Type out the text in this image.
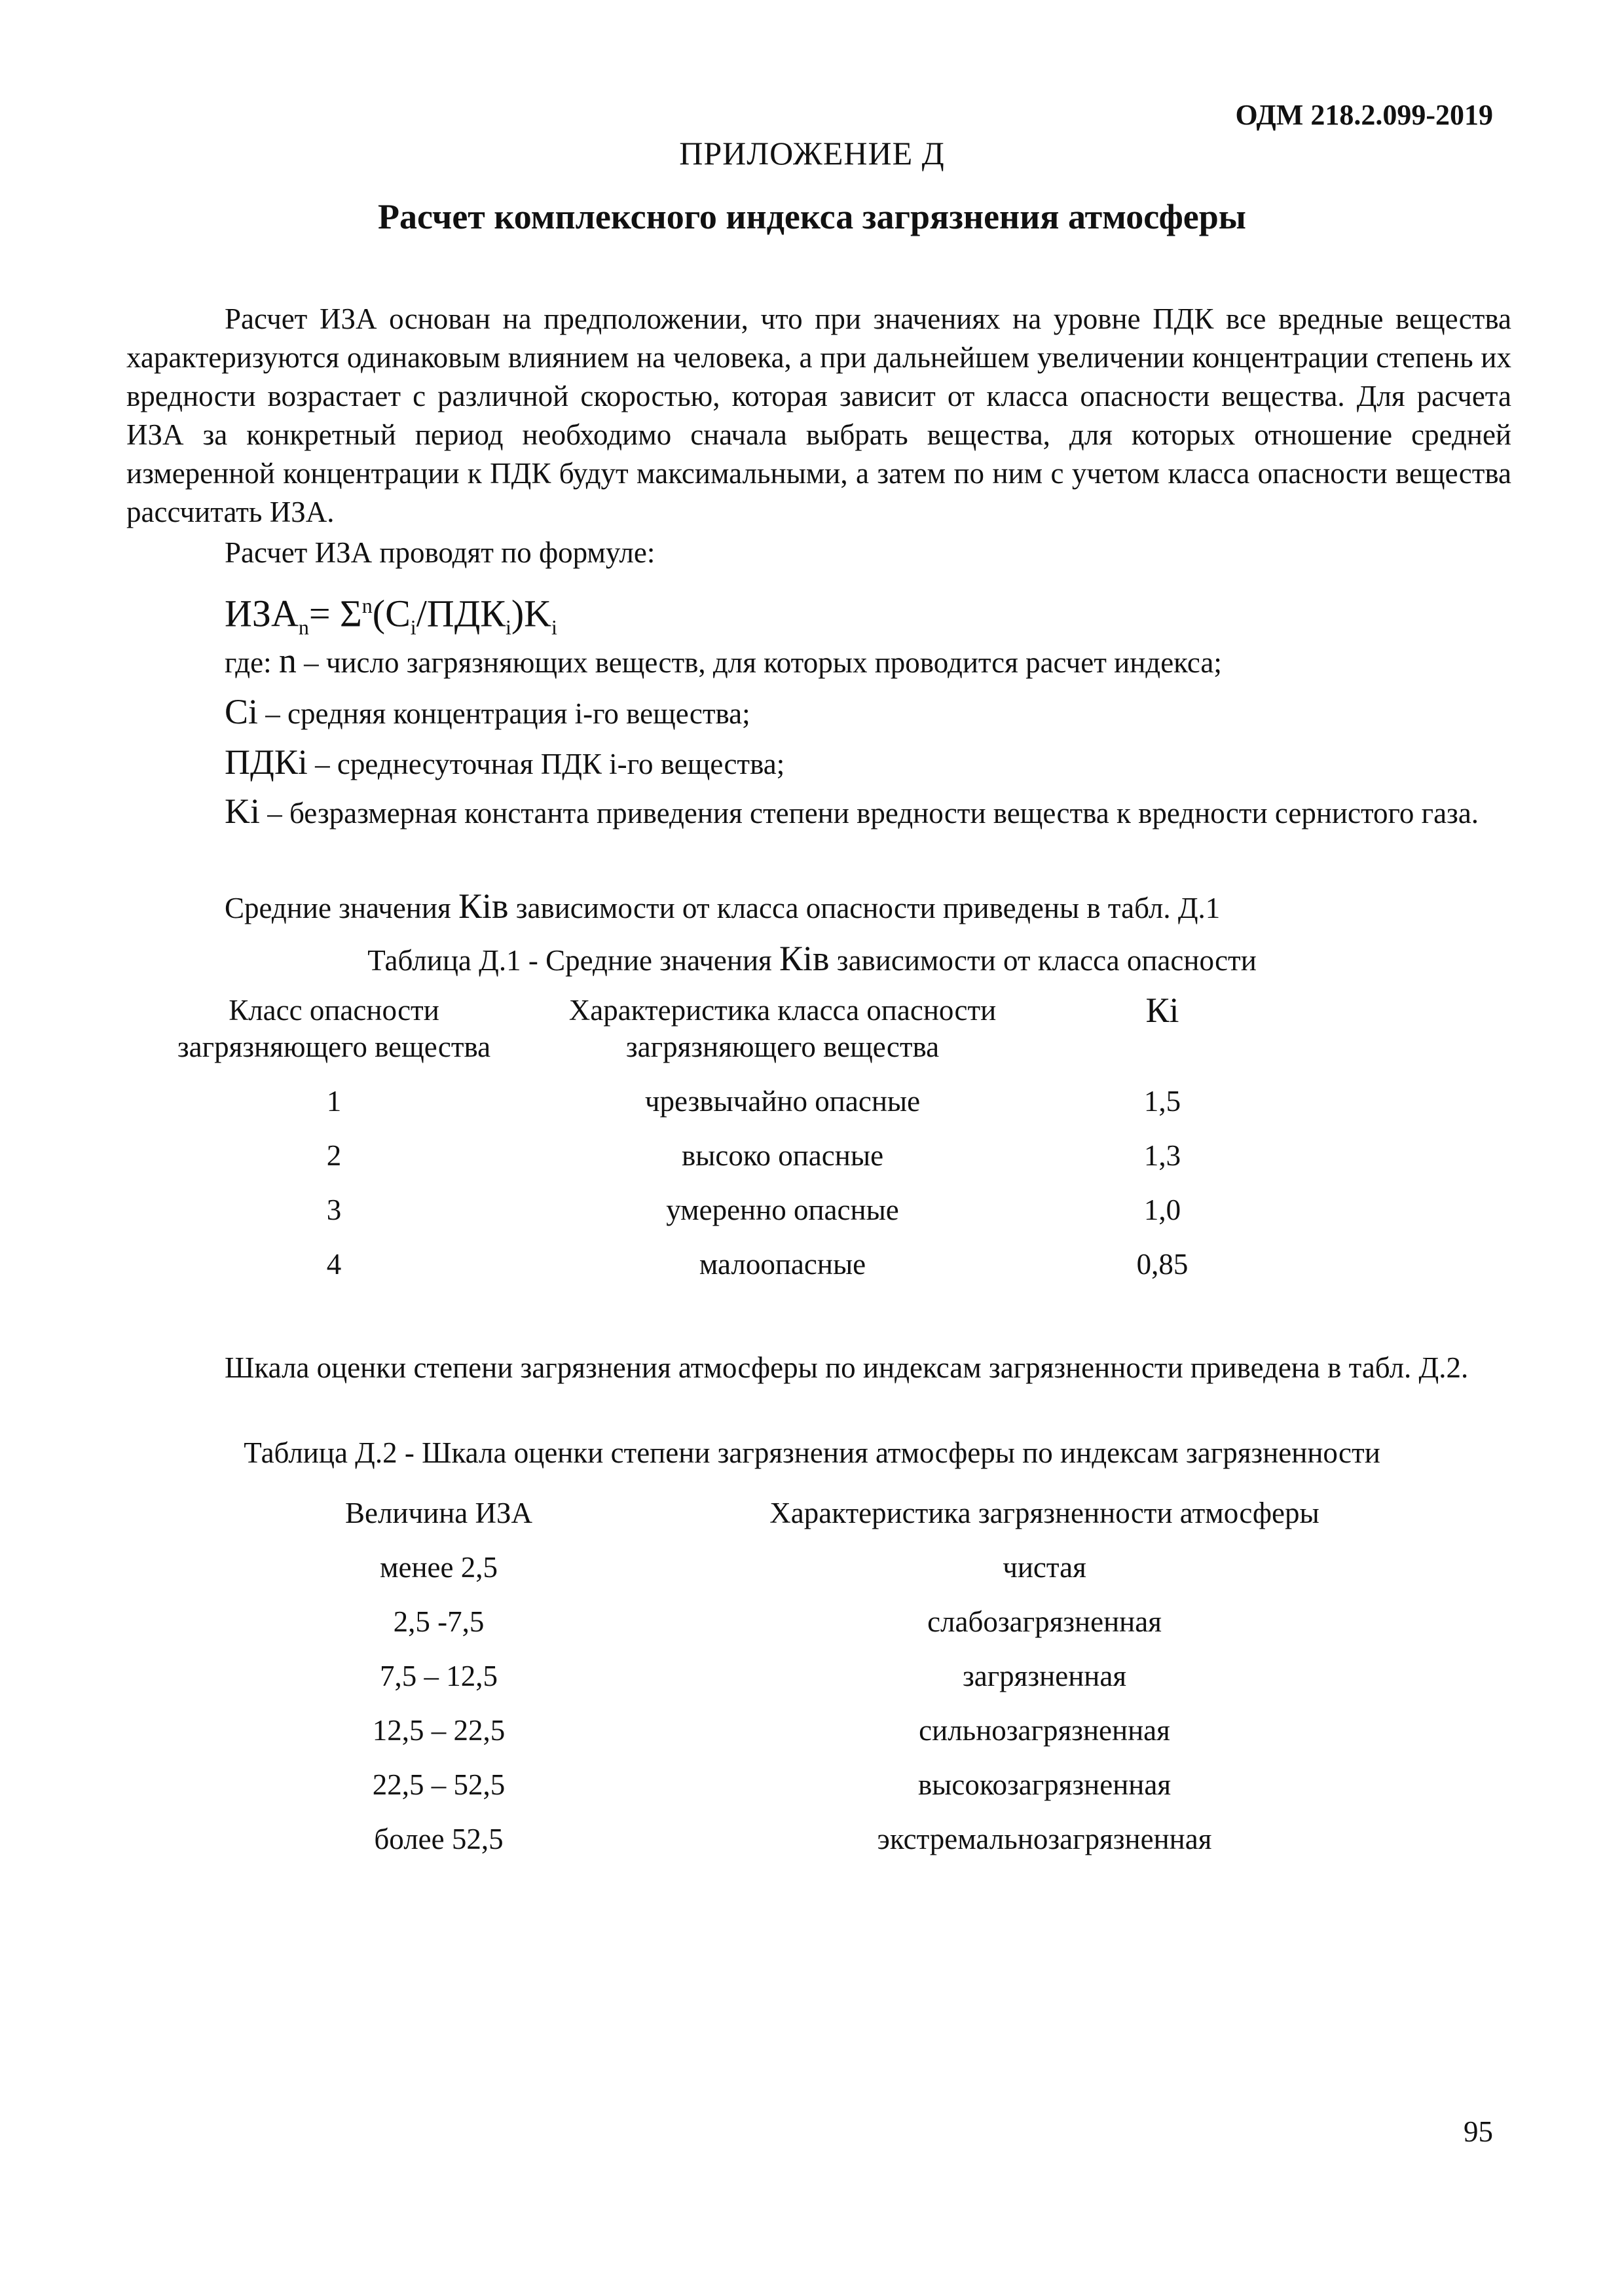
ОДМ 218.2.099-2019
ПРИЛОЖЕНИЕ Д
Расчет комплексного индекса загрязнения атмосферы
Расчет ИЗА основан на предположении, что при значениях на уровне ПДК все вредные вещества характеризуются одинаковым влиянием на человека, а при дальнейшем увеличении концентрации степень их вредности возрастает с различной скоростью, которая зависит от класса опасности вещества. Для расчета ИЗА за конкретный период необходимо сначала выбрать вещества, для которых отношение средней измеренной концентрации к ПДК будут максимальными, а затем по ним с учетом класса опасности вещества рассчитать ИЗА.
Расчет ИЗА проводят по формуле:
$ИЗА_n= \Sigma^n(C_i/ПДК_i)K_i$
где: n – число загрязняющих веществ, для которых проводится расчет индекса;
Ci – средняя концентрация i-го вещества;
ПДКi – среднесуточная ПДК i-го вещества;
Ki – безразмерная константа приведения степени вредности вещества к вредности сернистого газа.
Средние значения Кiв зависимости от класса опасности приведены в табл. Д.1
Таблица Д.1 - Средние значения Кiв зависимости от класса опасности
Класс опасности загрязняющего вещества	Характеристика класса опасности загрязняющего вещества	Кi
1	чрезвычайно опасные	1,5
2	высоко опасные	1,3
3	умеренно опасные	1,0
4	малоопасные	0,85
Шкала оценки степени загрязнения атмосферы по индексам загрязненности приведена в табл. Д.2.
Таблица Д.2 - Шкала оценки степени загрязнения атмосферы по индексам загрязненности
Величина ИЗА	Характеристика загрязненности атмосферы
менее 2,5	чистая
2,5 -7,5	слабозагрязненная
7,5 – 12,5	загрязненная
12,5 – 22,5	сильнозагрязненная
22,5 – 52,5	высокозагрязненная
более 52,5	экстремальнозагрязненная
95
